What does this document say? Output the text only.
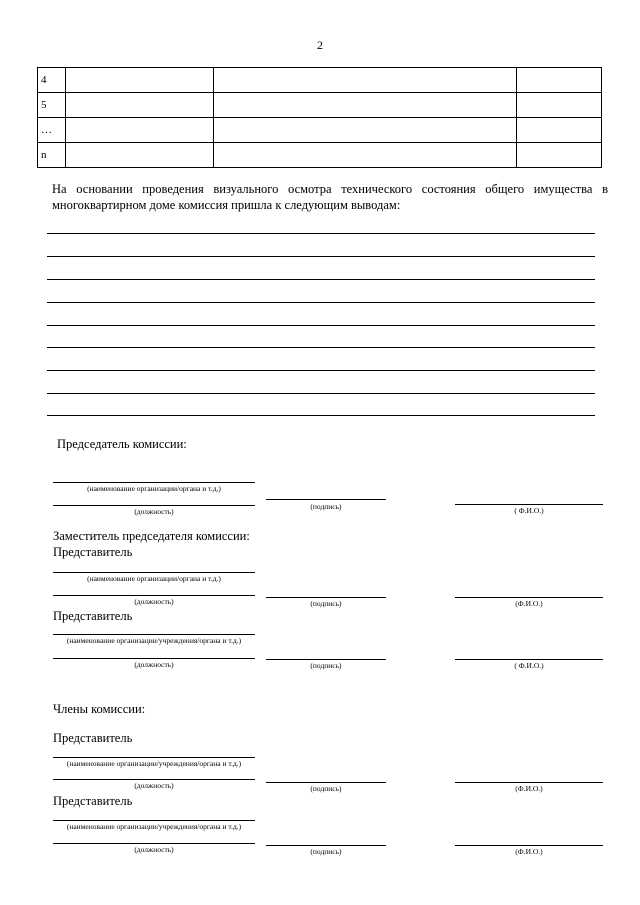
2
4			
5			
…			
n			
На основании проведения визуального осмотра технического состояния общего имущества в многоквартирном доме комиссия пришла к следующим выводам:
Председатель комиссии:
(наименование организации/органа и т.д.)
(должность)
(подпись)	( Ф.И.О.)
Заместитель председателя комиссии:
Представитель
(наименование организации/органа и т.д.)
(должность)	(подпись)	(Ф.И.О.)
Представитель
(наименование организации/учреждения/органа и т.д.)
(должность)	(подпись)	( Ф.И.О.)
Члены комиссии:
Представитель
(наименование организации/учреждения/органа и т.д.)
(должность)	(подпись)	(Ф.И.О.)
Представитель
(наименование организации/учреждения/органа и т.д.)
(должность)	(подпись)	(Ф.И.О.)
